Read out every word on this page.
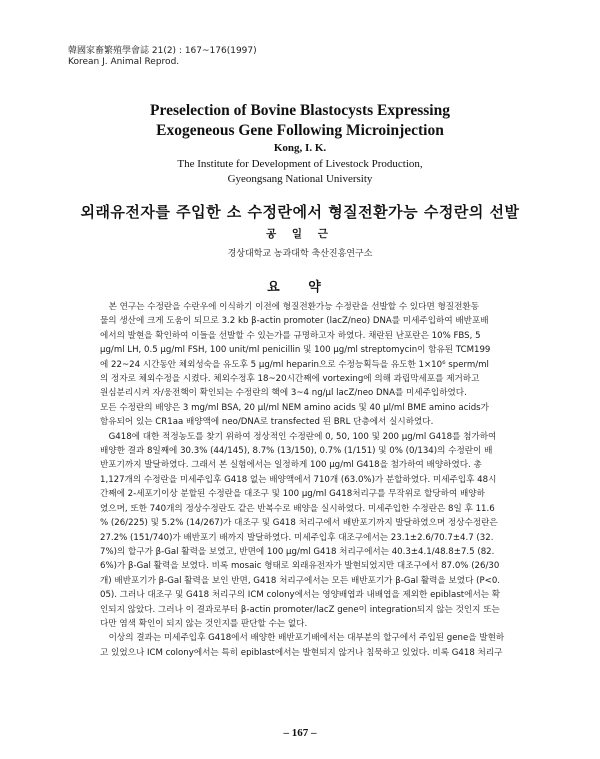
韓國家畜繁殖學會誌 21(2) : 167~176(1997)
Korean J. Animal Reprod.
Preselection of Bovine Blastocysts Expressing
Exogeneous Gene Following Microinjection
Kong, I. K.
The Institute for Development of Livestock Production,
Gyeongsang National University
외래유전자를 주입한 소 수정란에서 형질전환가능 수정란의 선발
공 일 근
경상대학교 농과대학 축산진흥연구소
요 약
　본 연구는 수정란을 수란우에 이식하기 이전에 형질전환가능 수정란을 선발할 수 있다면 형질전환동
물의 생산에 크게 도움이 되므로 3.2 kb β-actin promoter (lacZ/neo) DNA를 미세주입하여 배반포배
에서의 발현을 확인하여 이들을 선발할 수 있는가를 규명하고자 하였다. 채란된 난포란은 10% FBS, 5
μg/ml LH, 0.5 μg/ml FSH, 100 unit/ml penicillin 및 100 μg/ml streptomycin이 함유된 TCM199
에 22~24 시간동안 체외성숙을 유도후 5 μg/ml heparin으로 수정능획득을 유도한 1×10⁶ sperm/ml
의 정자로 체외수정을 시켰다. 체외수정후 18~20시간째에 vortexing에 의해 과립막세포를 제거하고
원심분리시켜 자/웅전핵이 확인되는 수정란의 핵에 3~4 ng/μl lacZ/neo DNA를 미세주입하였다.
모든 수정란의 배양은 3 mg/ml BSA, 20 μl/ml NEM amino acids 및 40 μl/ml BME amino acids가
함유되어 있는 CR1aa 배양액에 neo/DNA로 transfected 된 BRL 단층에서 실시하였다.
　G418에 대한 적정농도를 찾기 위하여 정상적인 수정란에 0, 50, 100 및 200 μg/ml G418를 첨가하여
배양한 결과 8일째에 30.3% (44/145), 8.7% (13/150), 0.7% (1/151) 및 0% (0/134)의 수정란이 배
반포기까지 발달하였다. 그래서 본 실험에서는 일정하게 100 μg/ml G418을 첨가하여 배양하였다. 총
1,127개의 수정란을 미세주입후 G418 없는 배양액에서 710개 (63.0%)가 분할하였다. 미세주입후 48시
간째에 2-세포기이상 분할된 수정란을 대조구 및 100 μg/ml G418처리구를 무작위로 할당하여 배양하
였으며, 또한 740개의 정상수정란도 같은 반복수로 배양을 실시하였다. 미세주입한 수정란은 8일 후 11.6
% (26/225) 및 5.2% (14/267)가 대조구 및 G418 처리구에서 배반포기까지 발달하였으며 정상수정란은
27.2% (151/740)가 배반포기 배까지 발달하였다. 미세주입후 대조구에서는 23.1±2.6/70.7±4.7 (32.
7%)의 할구가 β-Gal 활력을 보였고, 반면에 100 μg/ml G418 처리구에서는 40.3±4.1/48.8±7.5 (82.
6%)가 β-Gal 활력을 보였다. 비록 mosaic 형태로 외래유전자가 발현되었지만 대조구에서 87.0% (26/30
개) 배반포기가 β-Gal 활력을 보인 반면, G418 처리구에서는 모든 배반포기가 β-Gal 활력을 보였다 (P<0.
05). 그러나 대조구 및 G418 처리구의 ICM colony에서는 영양배엽과 내배엽을 제외한 epiblast에서는 확
인되지 않았다. 그러나 이 결과로부터 β-actin promoter/lacZ gene이 integration되지 않는 것인지 또는
다만 염색 확인이 되지 않는 것인지를 판단할 수는 없다.
　이상의 결과는 미세주입후 G418에서 배양한 배반포기배에서는 대부분의 할구에서 주입된 gene을 발현하
고 있었으나 ICM colony에서는 특히 epiblast에서는 발현되지 않거나 침묵하고 있었다. 비록 G418 처리구
– 167 –
